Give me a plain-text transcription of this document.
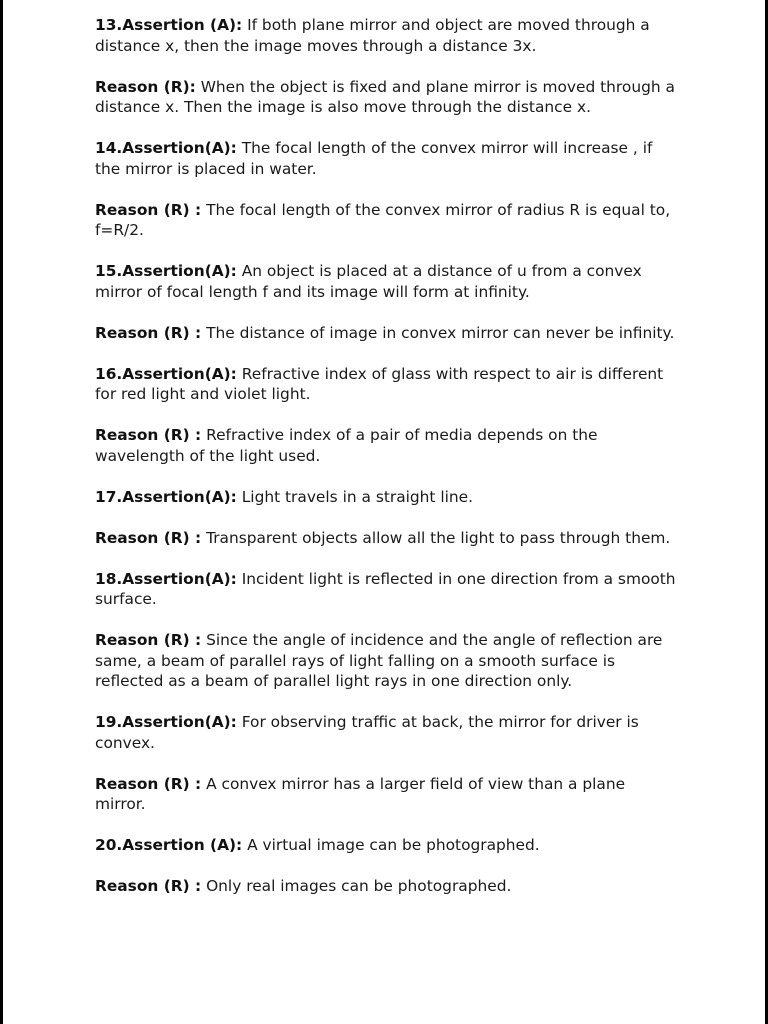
13.Assertion (A): If both plane mirror and object are moved through a distance x, then the image moves through a distance 3x.

Reason (R): When the object is fixed and plane mirror is moved through a distance x. Then the image is also move through the distance x.

14.Assertion(A): The focal length of the convex mirror will increase , if the mirror is placed in water.

Reason (R) : The focal length of the convex mirror of radius R is equal to, f=R/2.

15.Assertion(A): An object is placed at a distance of u from a convex mirror of focal length f and its image will form at infinity.

Reason (R) : The distance of image in convex mirror can never be infinity.

16.Assertion(A): Refractive index of glass with respect to air is different for red light and violet light.

Reason (R) : Refractive index of a pair of media depends on the wavelength of the light used.

17.Assertion(A): Light travels in a straight line.

Reason (R) : Transparent objects allow all the light to pass through them.

18.Assertion(A): Incident light is reflected in one direction from a smooth surface.

Reason (R) : Since the angle of incidence and the angle of reflection are same, a beam of parallel rays of light falling on a smooth surface is reflected as a beam of parallel light rays in one direction only.

19.Assertion(A): For observing traffic at back, the mirror for driver is convex.

Reason (R) : A convex mirror has a larger field of view than a plane mirror.

20.Assertion (A): A virtual image can be photographed.

Reason (R) : Only real images can be photographed.
